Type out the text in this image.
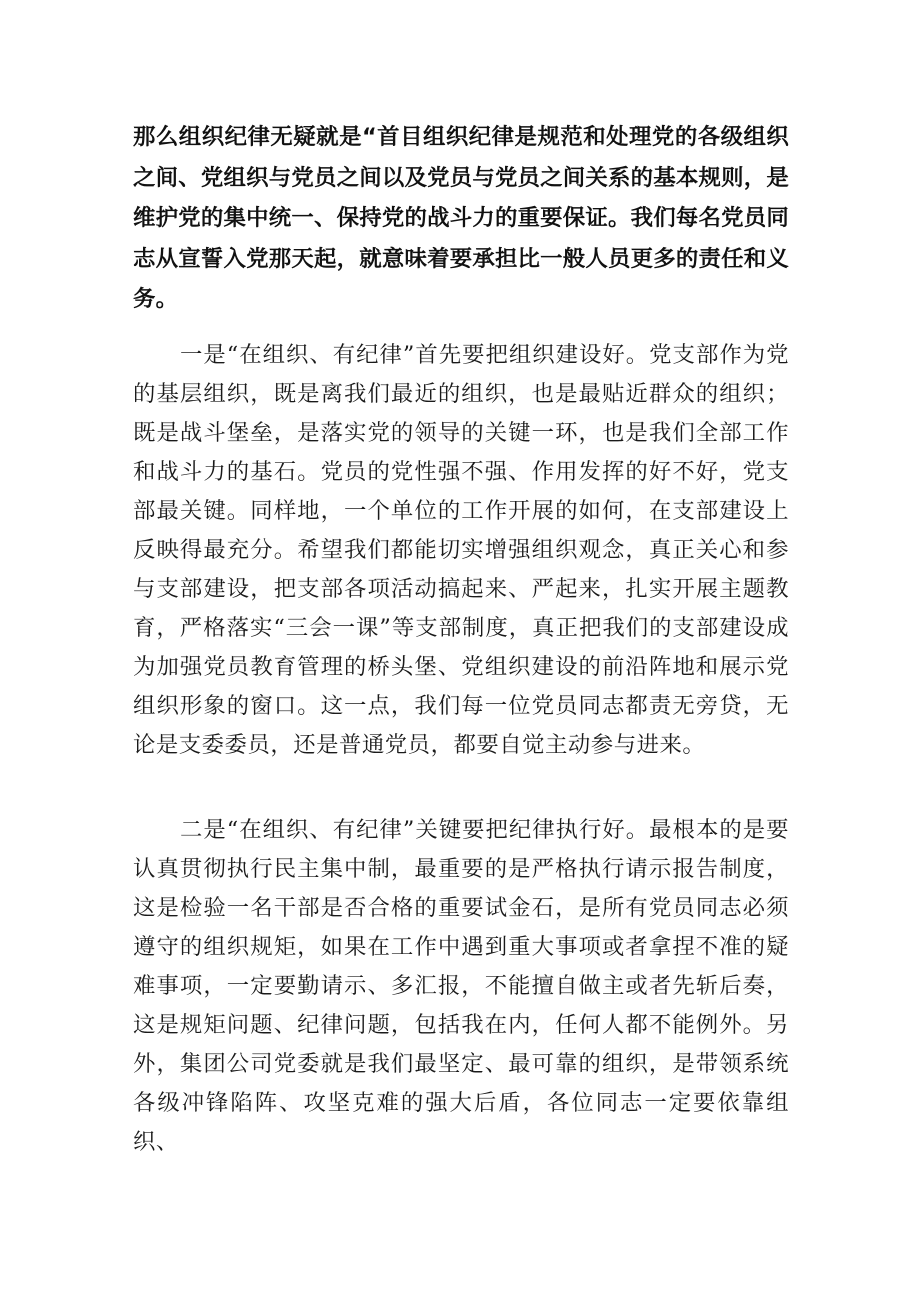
那么组织纪律无疑就是“首目组织纪律是规范和处理党的各级组织之间、党组织与党员之间以及党员与党员之间关系的基本规则，是维护党的集中统一、保持党的战斗力的重要保证。我们每名党员同志从宣誓入党那天起，就意味着要承担比一般人员更多的责任和义务。

一是“在组织、有纪律”首先要把组织建设好。党支部作为党的基层组织，既是离我们最近的组织，也是最贴近群众的组织；既是战斗堡垒，是落实党的领导的关键一环，也是我们全部工作和战斗力的基石。党员的党性强不强、作用发挥的好不好，党支部最关键。同样地，一个单位的工作开展的如何，在支部建设上反映得最充分。希望我们都能切实增强组织观念，真正关心和参与支部建设，把支部各项活动搞起来、严起来，扎实开展主题教育，严格落实“三会一课”等支部制度，真正把我们的支部建设成为加强党员教育管理的桥头堡、党组织建设的前沿阵地和展示党组织形象的窗口。这一点，我们每一位党员同志都责无旁贷，无论是支委委员，还是普通党员，都要自觉主动参与进来。

二是“在组织、有纪律”关键要把纪律执行好。最根本的是要认真贯彻执行民主集中制，最重要的是严格执行请示报告制度，这是检验一名干部是否合格的重要试金石，是所有党员同志必须遵守的组织规矩，如果在工作中遇到重大事项或者拿捏不准的疑难事项，一定要勤请示、多汇报，不能擅自做主或者先斩后奏，这是规矩问题、纪律问题，包括我在内，任何人都不能例外。另外，集团公司党委就是我们最坚定、最可靠的组织，是带领系统各级冲锋陷阵、攻坚克难的强大后盾，各位同志一定要依靠组织、
